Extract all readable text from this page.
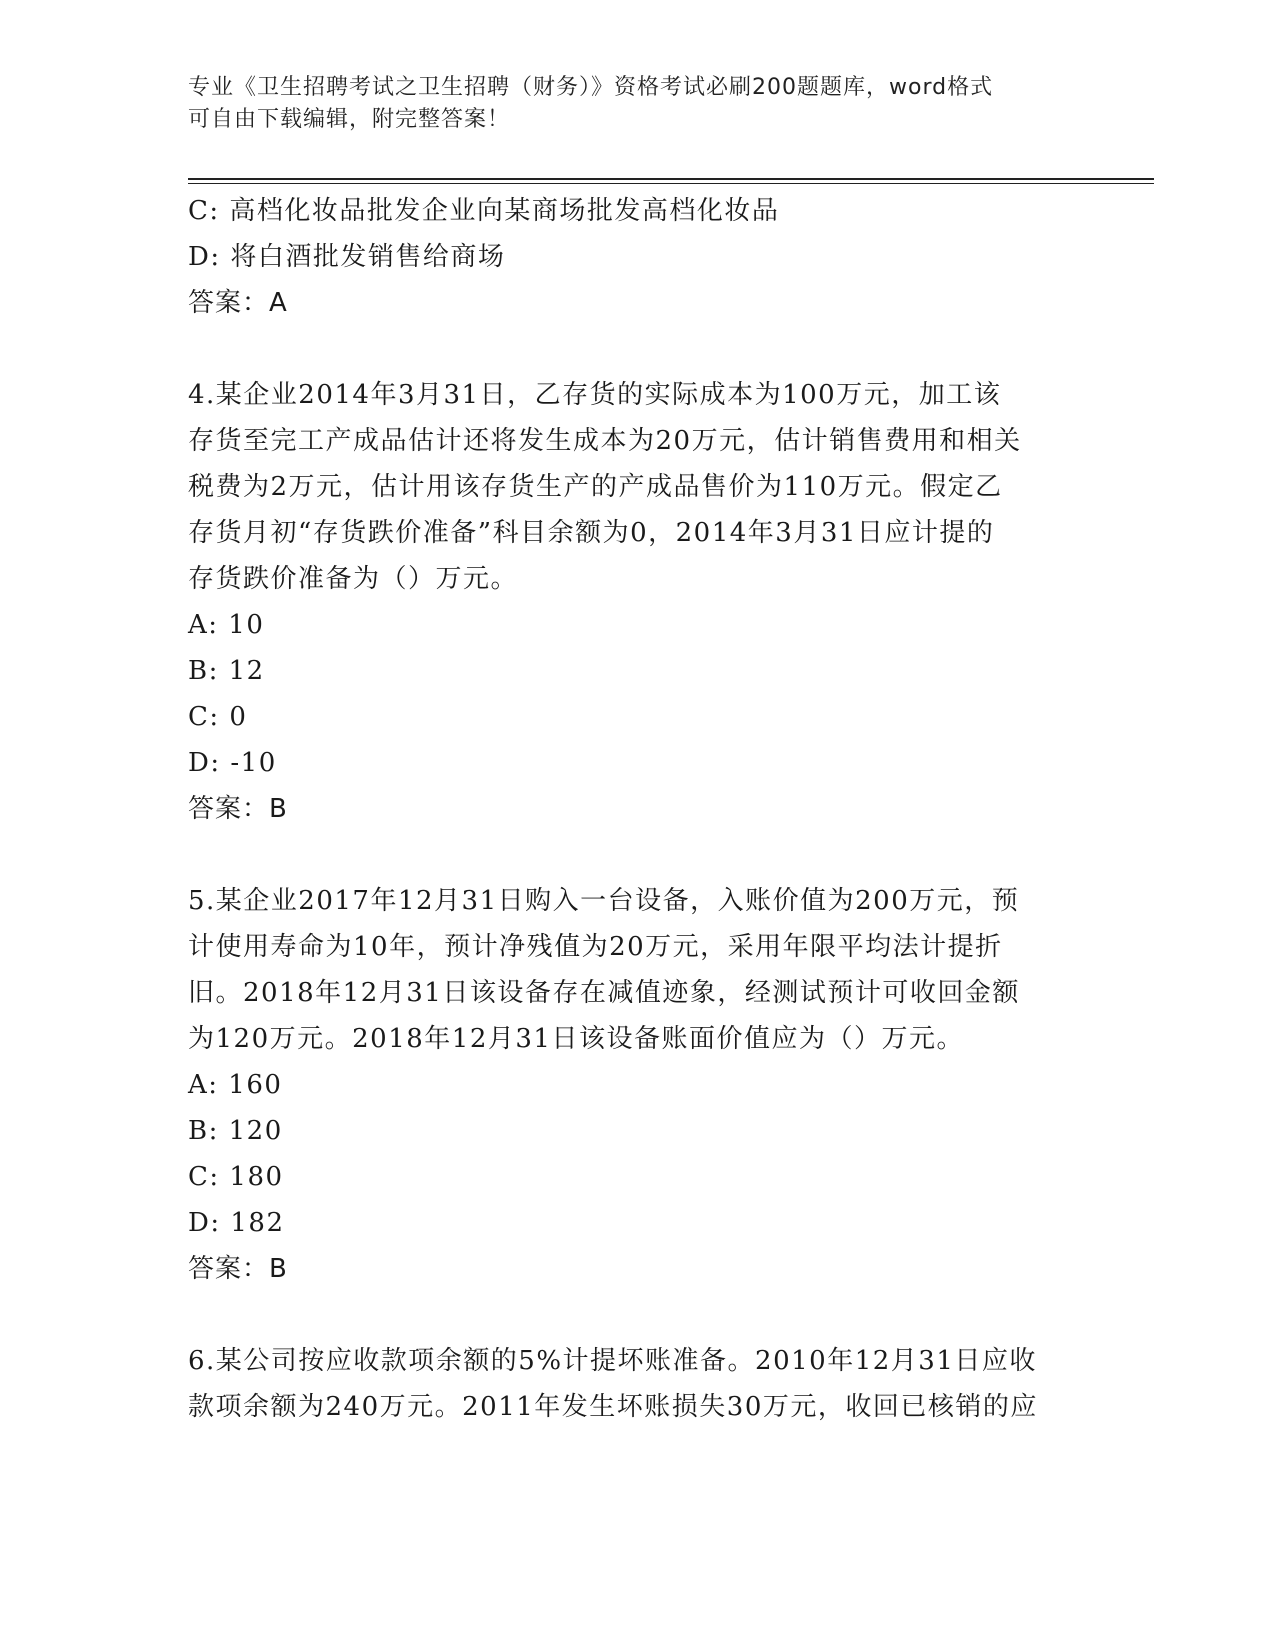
专业《卫生招聘考试之卫生招聘（财务）》资格考试必刷200题题库，word格式
可自由下载编辑，附完整答案！
C: 高档化妆品批发企业向某商场批发高档化妆品
D: 将白酒批发销售给商场
答案：A
4.某企业2014年3月31日，乙存货的实际成本为100万元，加工该
存货至完工产成品估计还将发生成本为20万元，估计销售费用和相关
税费为2万元，估计用该存货生产的产成品售价为110万元。假定乙
存货月初“存货跌价准备”科目余额为0，2014年3月31日应计提的
存货跌价准备为（）万元。
A: 10
B: 12
C: 0
D: -10
答案：B
5.某企业2017年12月31日购入一台设备，入账价值为200万元，预
计使用寿命为10年，预计净残值为20万元，采用年限平均法计提折
旧。2018年12月31日该设备存在减值迹象，经测试预计可收回金额
为120万元。2018年12月31日该设备账面价值应为（）万元。
A: 160
B: 120
C: 180
D: 182
答案：B
6.某公司按应收款项余额的5%计提坏账准备。2010年12月31日应收
款项余额为240万元。2011年发生坏账损失30万元，收回已核销的应
